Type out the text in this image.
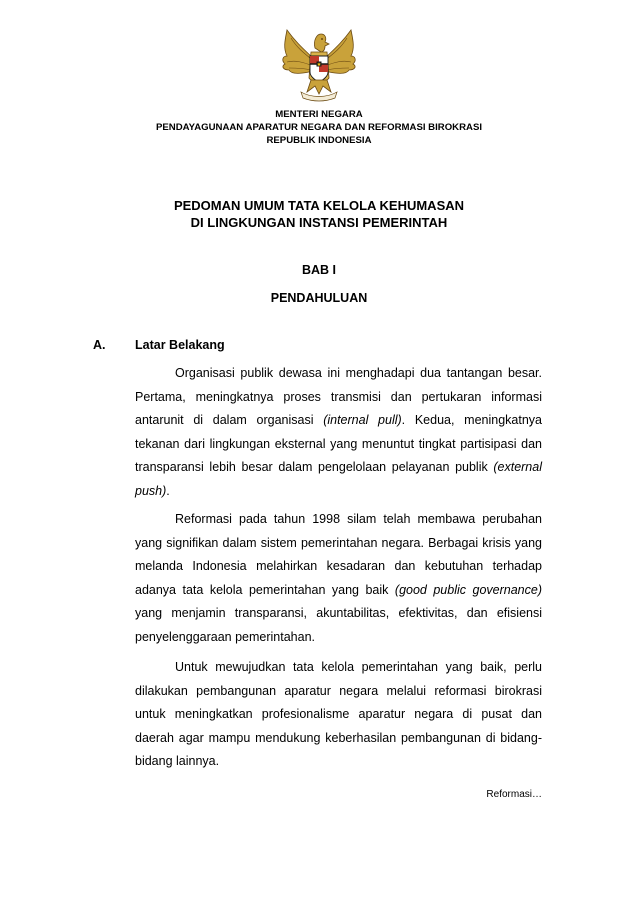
MENTERI NEGARA
PENDAYAGUNAAN APARATUR NEGARA DAN REFORMASI BIROKRASI
REPUBLIK INDONESIA
PEDOMAN UMUM TATA KELOLA KEHUMASAN
DI LINGKUNGAN INSTANSI PEMERINTAH
BAB I
PENDAHULUAN
A. Latar Belakang
Organisasi publik dewasa ini menghadapi dua tantangan besar. Pertama, meningkatnya proses transmisi dan pertukaran informasi antarunit di dalam organisasi (internal pull). Kedua, meningkatnya tekanan dari lingkungan eksternal yang menuntut tingkat partisipasi dan transparansi lebih besar dalam pengelolaan pelayanan publik (external push).
Reformasi pada tahun 1998 silam telah membawa perubahan yang signifikan dalam sistem pemerintahan negara. Berbagai krisis yang melanda Indonesia melahirkan kesadaran dan kebutuhan terhadap adanya tata kelola pemerintahan yang baik (good public governance) yang menjamin transparansi, akuntabilitas, efektivitas, dan efisiensi penyelenggaraan pemerintahan.
Untuk mewujudkan tata kelola pemerintahan yang baik, perlu dilakukan pembangunan aparatur negara melalui reformasi birokrasi untuk meningkatkan profesionalisme aparatur negara di pusat dan daerah agar mampu mendukung keberhasilan pembangunan di bidang-bidang lainnya.
Reformasi…
